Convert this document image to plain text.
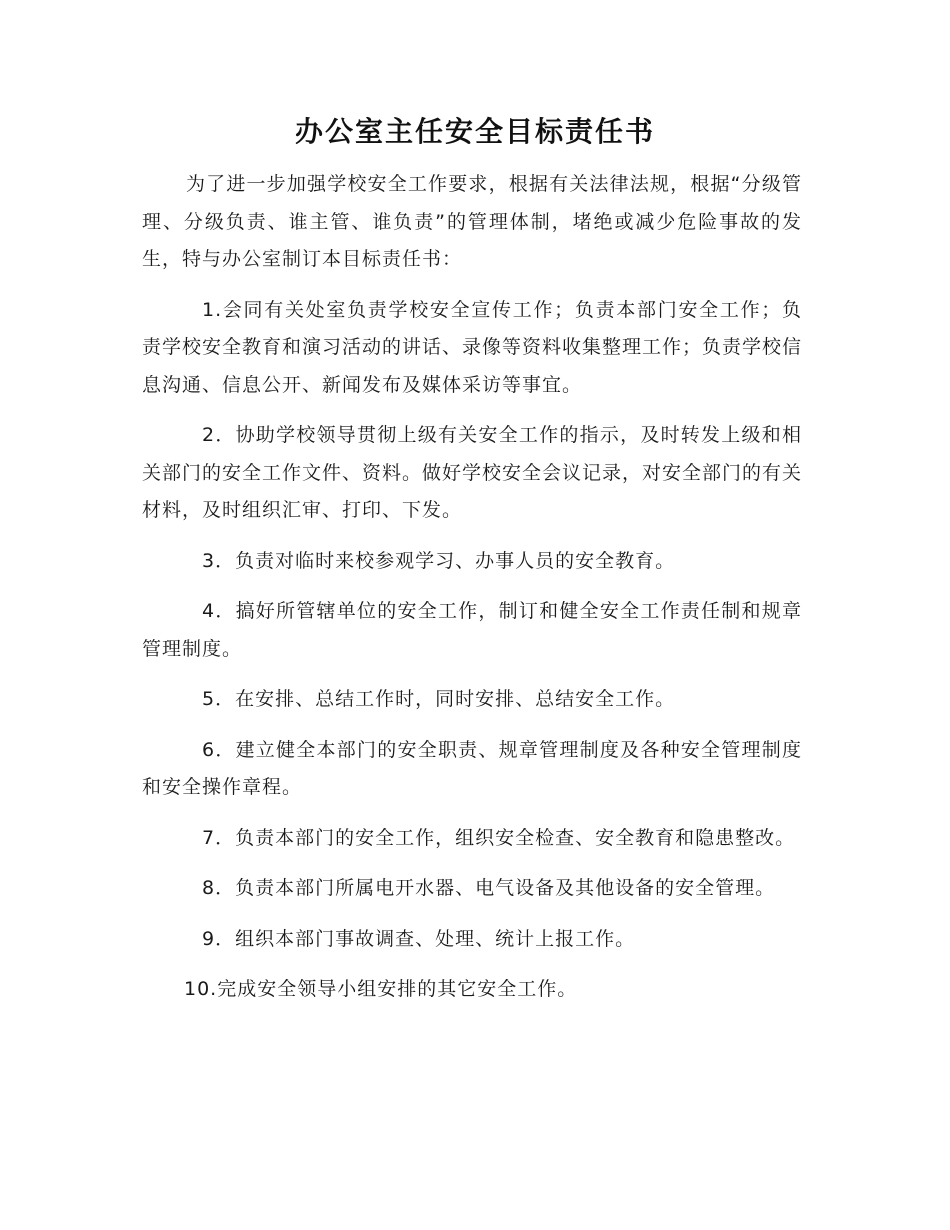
办公室主任安全目标责任书

为了进一步加强学校安全工作要求，根据有关法律法规，根据“分级管理、分级负责、谁主管、谁负责”的管理体制，堵绝或减少危险事故的发生，特与办公室制订本目标责任书：

1.会同有关处室负责学校安全宣传工作；负责本部门安全工作；负责学校安全教育和演习活动的讲话、录像等资料收集整理工作；负责学校信息沟通、信息公开、新闻发布及媒体采访等事宜。

2．协助学校领导贯彻上级有关安全工作的指示，及时转发上级和相关部门的安全工作文件、资料。做好学校安全会议记录，对安全部门的有关材料，及时组织汇审、打印、下发。

3．负责对临时来校参观学习、办事人员的安全教育。

4．搞好所管辖单位的安全工作，制订和健全安全工作责任制和规章管理制度。

5．在安排、总结工作时，同时安排、总结安全工作。

6．建立健全本部门的安全职责、规章管理制度及各种安全管理制度和安全操作章程。

7．负责本部门的安全工作，组织安全检查、安全教育和隐患整改。

8．负责本部门所属电开水器、电气设备及其他设备的安全管理。

9．组织本部门事故调查、处理、统计上报工作。

10.完成安全领导小组安排的其它安全工作。
